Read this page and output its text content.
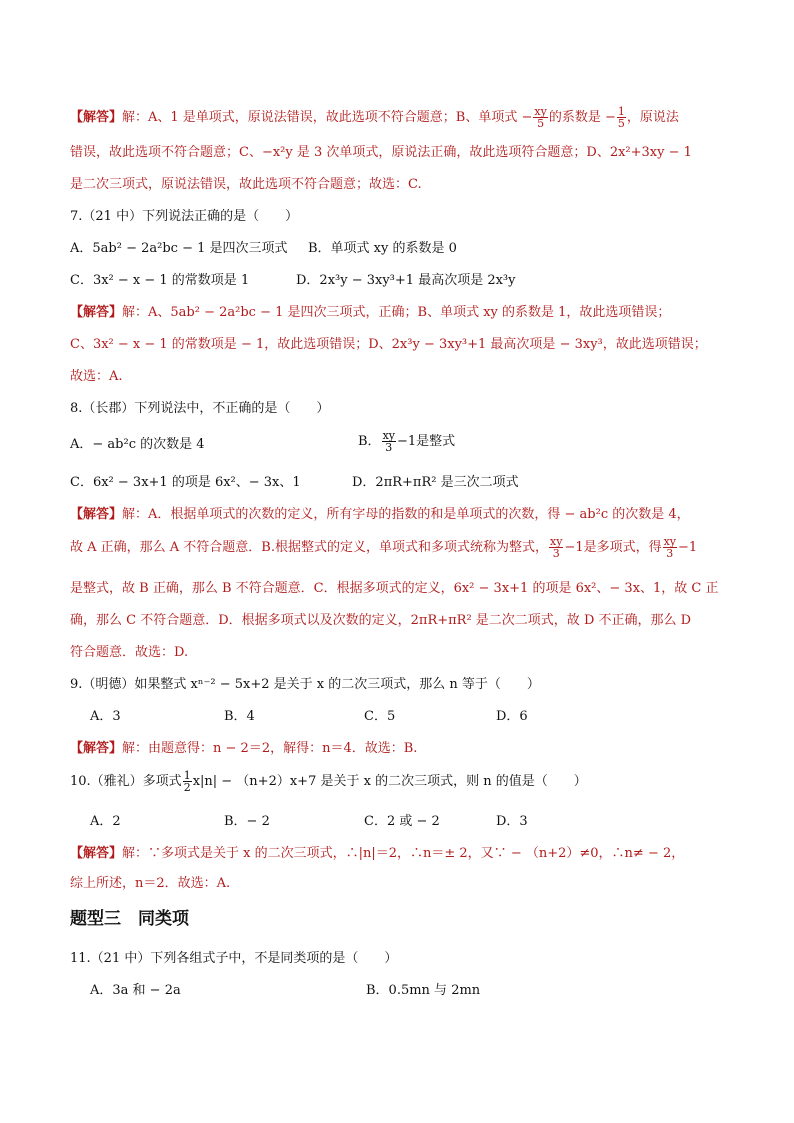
【解答】解：A、1 是单项式，原说法错误，故此选项不符合题意；B、单项式 − $\frac{xy}{5}$ 的系数是 − $\frac{1}{5}$ ，原说法
错误，故此选项不符合题意；C、−x²y 是 3 次单项式，原说法正确，故此选项符合题意；D、2x²+3xy − 1
是二次三项式，原说法错误，故此选项不符合题意；故选：C.
7.（21 中）下列说法正确的是（　　）
A．5ab² − 2a²bc − 1 是四次三项式 B．单项式 xy 的系数是 0
C．3x² − x − 1 的常数项是 1	D．2x³y − 3xy³+1 最高次项是 2x³y
【解答】解：A、5ab² − 2a²bc − 1 是四次三项式，正确；B、单项式 xy 的系数是 1，故此选项错误；
C、3x² − x − 1 的常数项是 − 1，故此选项错误；D、2x³y − 3xy³+1 最高次项是 − 3xy³，故此选项错误；
故选：A.
8.（长郡）下列说法中，不正确的是（　　）
A．− ab²c 的次数是 4	B． $\frac{xy}{3} -1$是整式
C．6x² − 3x+1 的项是 6x²、− 3x、1	D．2πR+πR² 是三次二项式
【解答】解：A．根据单项式的次数的定义，所有字母的指数的和是单项式的次数，得 − ab²c 的次数是 4，
故 A 正确，那么 A 不符合题意．B.根据整式的定义，单项式和多项式统称为整式， $\frac{xy}{3} -1$是多项式，得 $\frac{xy}{3} -1$
是整式，故 B 正确，那么 B 不符合题意．C．根据多项式的定义，6x² − 3x+1 的项是 6x²、− 3x、1，故 C 正
确，那么 C 不符合题意．D．根据多项式以及次数的定义，2πR+πR² 是二次二项式，故 D 不正确，那么 D
符合题意．故选：D.
9.（明德）如果整式 xⁿ⁻² − 5x+2 是关于 x 的二次三项式，那么 n 等于（　　）
A．3	B．4	C．5	D．6
【解答】解：由题意得：n − 2＝2，解得：n＝4．故选：B.
10.（雅礼）多项式 $\frac{1}{2} x|n| - (n+2)x+7$ 是关于 x 的二次三项式，则 n 的值是（　　）
A．2	B．− 2	C．2 或 − 2	D．3
【解答】解：∵多项式是关于 x 的二次三项式，∴|n|＝2，∴n＝± 2，又∵ − （n+2）≠0，∴n≠ − 2，
综上所述，n＝2．故选：A.
题型三　同类项
11.（21 中）下列各组式子中，不是同类项的是（　　）
A．3a 和 − 2a	B．0.5mn 与 2mn
